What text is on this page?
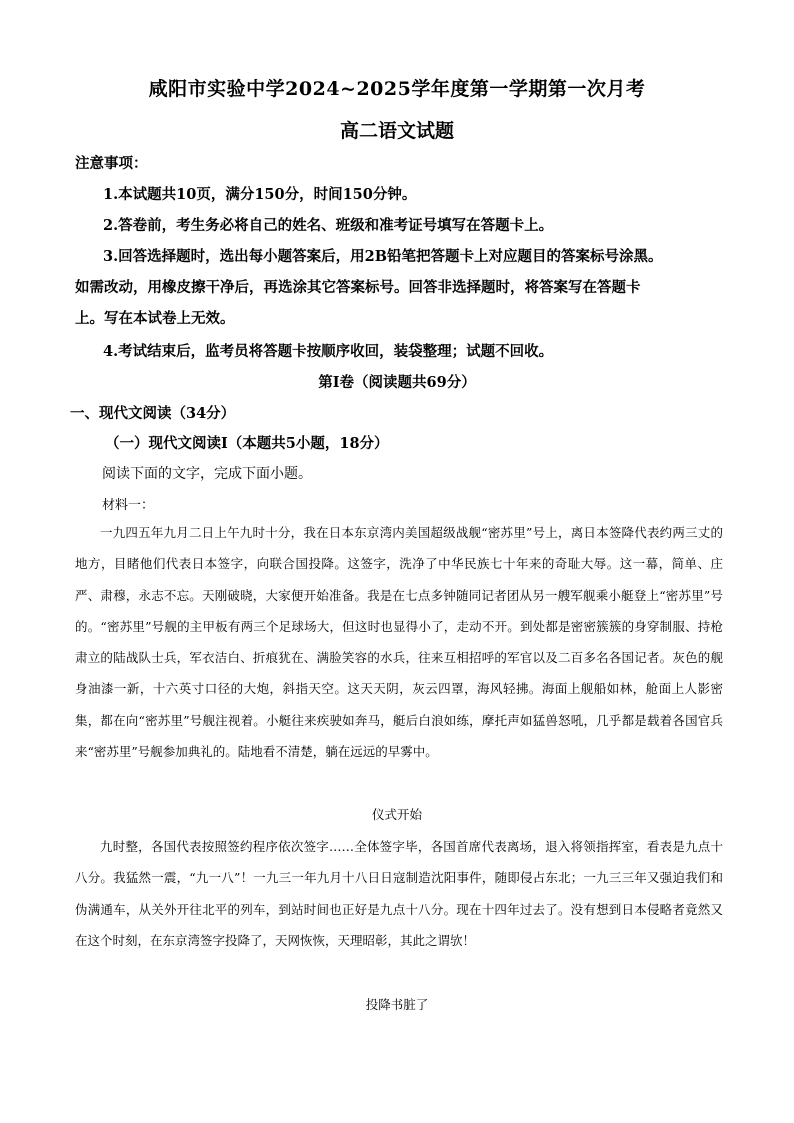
咸阳市实验中学2024~2025学年度第一学期第一次月考
高二语文试题
注意事项：
1.本试题共10页，满分150分，时间150分钟。
2.答卷前，考生务必将自己的姓名、班级和准考证号填写在答题卡上。
3.回答选择题时，选出每小题答案后，用2B铅笔把答题卡上对应题目的答案标号涂黑。
如需改动，用橡皮擦干净后，再选涂其它答案标号。回答非选择题时，将答案写在答题卡
上。写在本试卷上无效。
4.考试结束后，监考员将答题卡按顺序收回，装袋整理；试题不回收。
第Ⅰ卷（阅读题共69分）
一、现代文阅读（34分）
（一）现代文阅读Ⅰ（本题共5小题，18分）
阅读下面的文字，完成下面小题。
材料一：
一九四五年九月二日上午九时十分，我在日本东京湾内美国超级战舰“密苏里”号上，离日本签降代表约两三丈的地方，目睹他们代表日本签字，向联合国投降。这签字，洗净了中华民族七十年来的奇耻大辱。这一幕，简单、庄严、肃穆，永志不忘。天刚破晓，大家便开始准备。我是在七点多钟随同记者团从另一艘军舰乘小艇登上“密苏里”号的。“密苏里”号舰的主甲板有两三个足球场大，但这时也显得小了，走动不开。到处都是密密簇簇的身穿制服、持枪肃立的陆战队士兵，军衣洁白、折痕犹在、满脸笑容的水兵，往来互相招呼的军官以及二百多名各国记者。灰色的舰身油漆一新，十六英寸口径的大炮，斜指天空。这天天阴，灰云四罩，海风轻拂。海面上舰船如林，舱面上人影密集，都在向“密苏里”号舰注视着。小艇往来疾驶如奔马，艇后白浪如练，摩托声如猛兽怒吼，几乎都是载着各国官兵来“密苏里”号舰参加典礼的。陆地看不清楚，躺在远远的早雾中。
仪式开始
九时整，各国代表按照签约程序依次签字……全体签字毕，各国首席代表离场，退入将领指挥室，看表是九点十八分。我猛然一震，“九一八”！一九三一年九月十八日日寇制造沈阳事件，随即侵占东北；一九三三年又强迫我们和伪满通车，从关外开往北平的列车，到站时间也正好是九点十八分。现在十四年过去了。没有想到日本侵略者竟然又在这个时刻，在东京湾签字投降了，天网恢恢，天理昭彰，其此之谓欤！
投降书脏了
